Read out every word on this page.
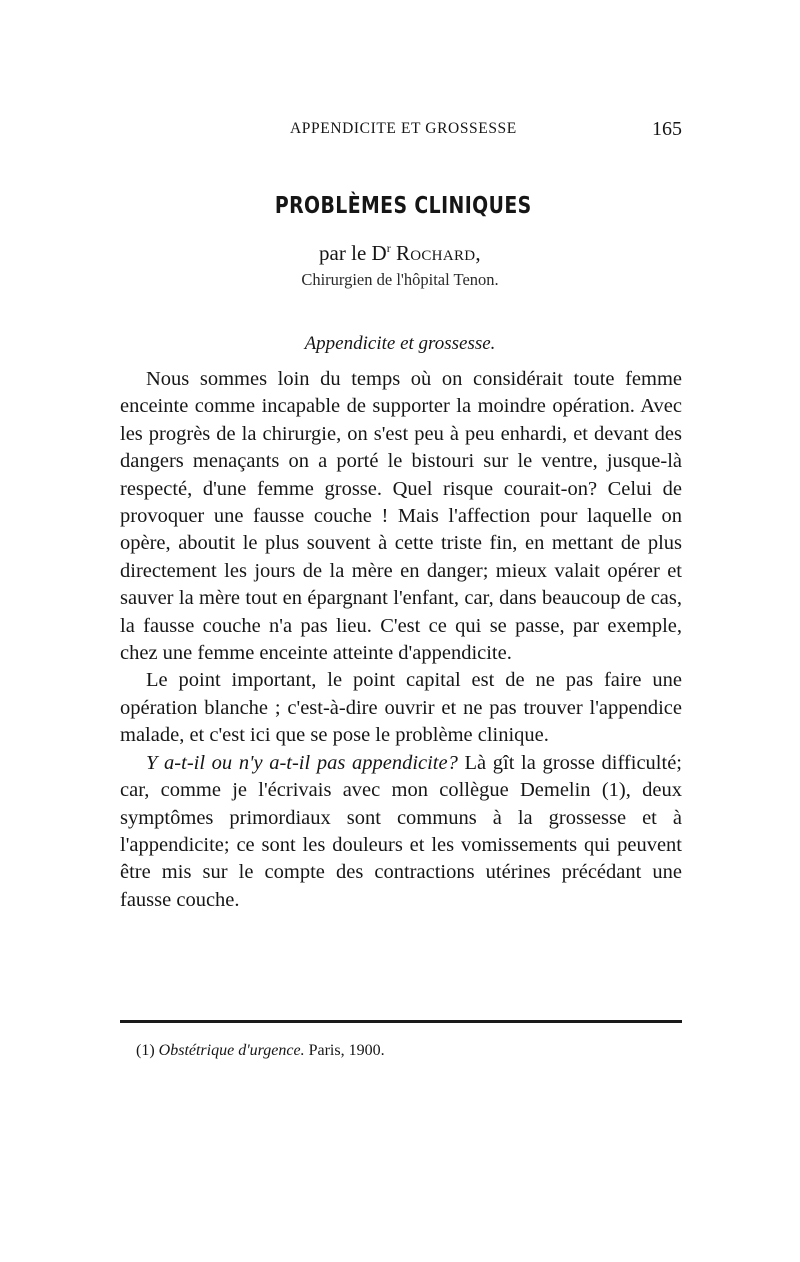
APPENDICITE ET GROSSESSE	165
PROBLÈMES CLINIQUES
par le $D^r$ Rochard,
Chirurgien de l'hôpital Tenon.
Appendicite et grossesse.

Nous sommes loin du temps où on considérait toute femme enceinte comme incapable de supporter la moindre opération. Avec les progrès de la chirurgie, on s'est peu à peu enhardi, et devant des dangers menaçants on a porté le bistouri sur le ventre, jusque-là respecté, d'une femme grosse. Quel risque courait-on? Celui de provoquer une fausse couche ! Mais l'affection pour laquelle on opère, aboutit le plus souvent à cette triste fin, en mettant de plus directement les jours de la mère en danger; mieux valait opérer et sauver la mère tout en épargnant l'enfant, car, dans beaucoup de cas, la fausse couche n'a pas lieu. C'est ce qui se passe, par exemple, chez une femme enceinte atteinte d'appendicite.

Le point important, le point capital est de ne pas faire une opération blanche ; c'est-à-dire ouvrir et ne pas trouver l'appendice malade, et c'est ici que se pose le problème clinique.

Y a-t-il ou n'y a-t-il pas appendicite? Là gît la grosse difficulté; car, comme je l'écrivais avec mon collègue Demelin (1), deux symptômes primordiaux sont communs à la grossesse et à l'appendicite; ce sont les douleurs et les vomissements qui peuvent être mis sur le compte des contractions utérines précédant une fausse couche.

(1) Obstétrique d'urgence. Paris, 1900.
